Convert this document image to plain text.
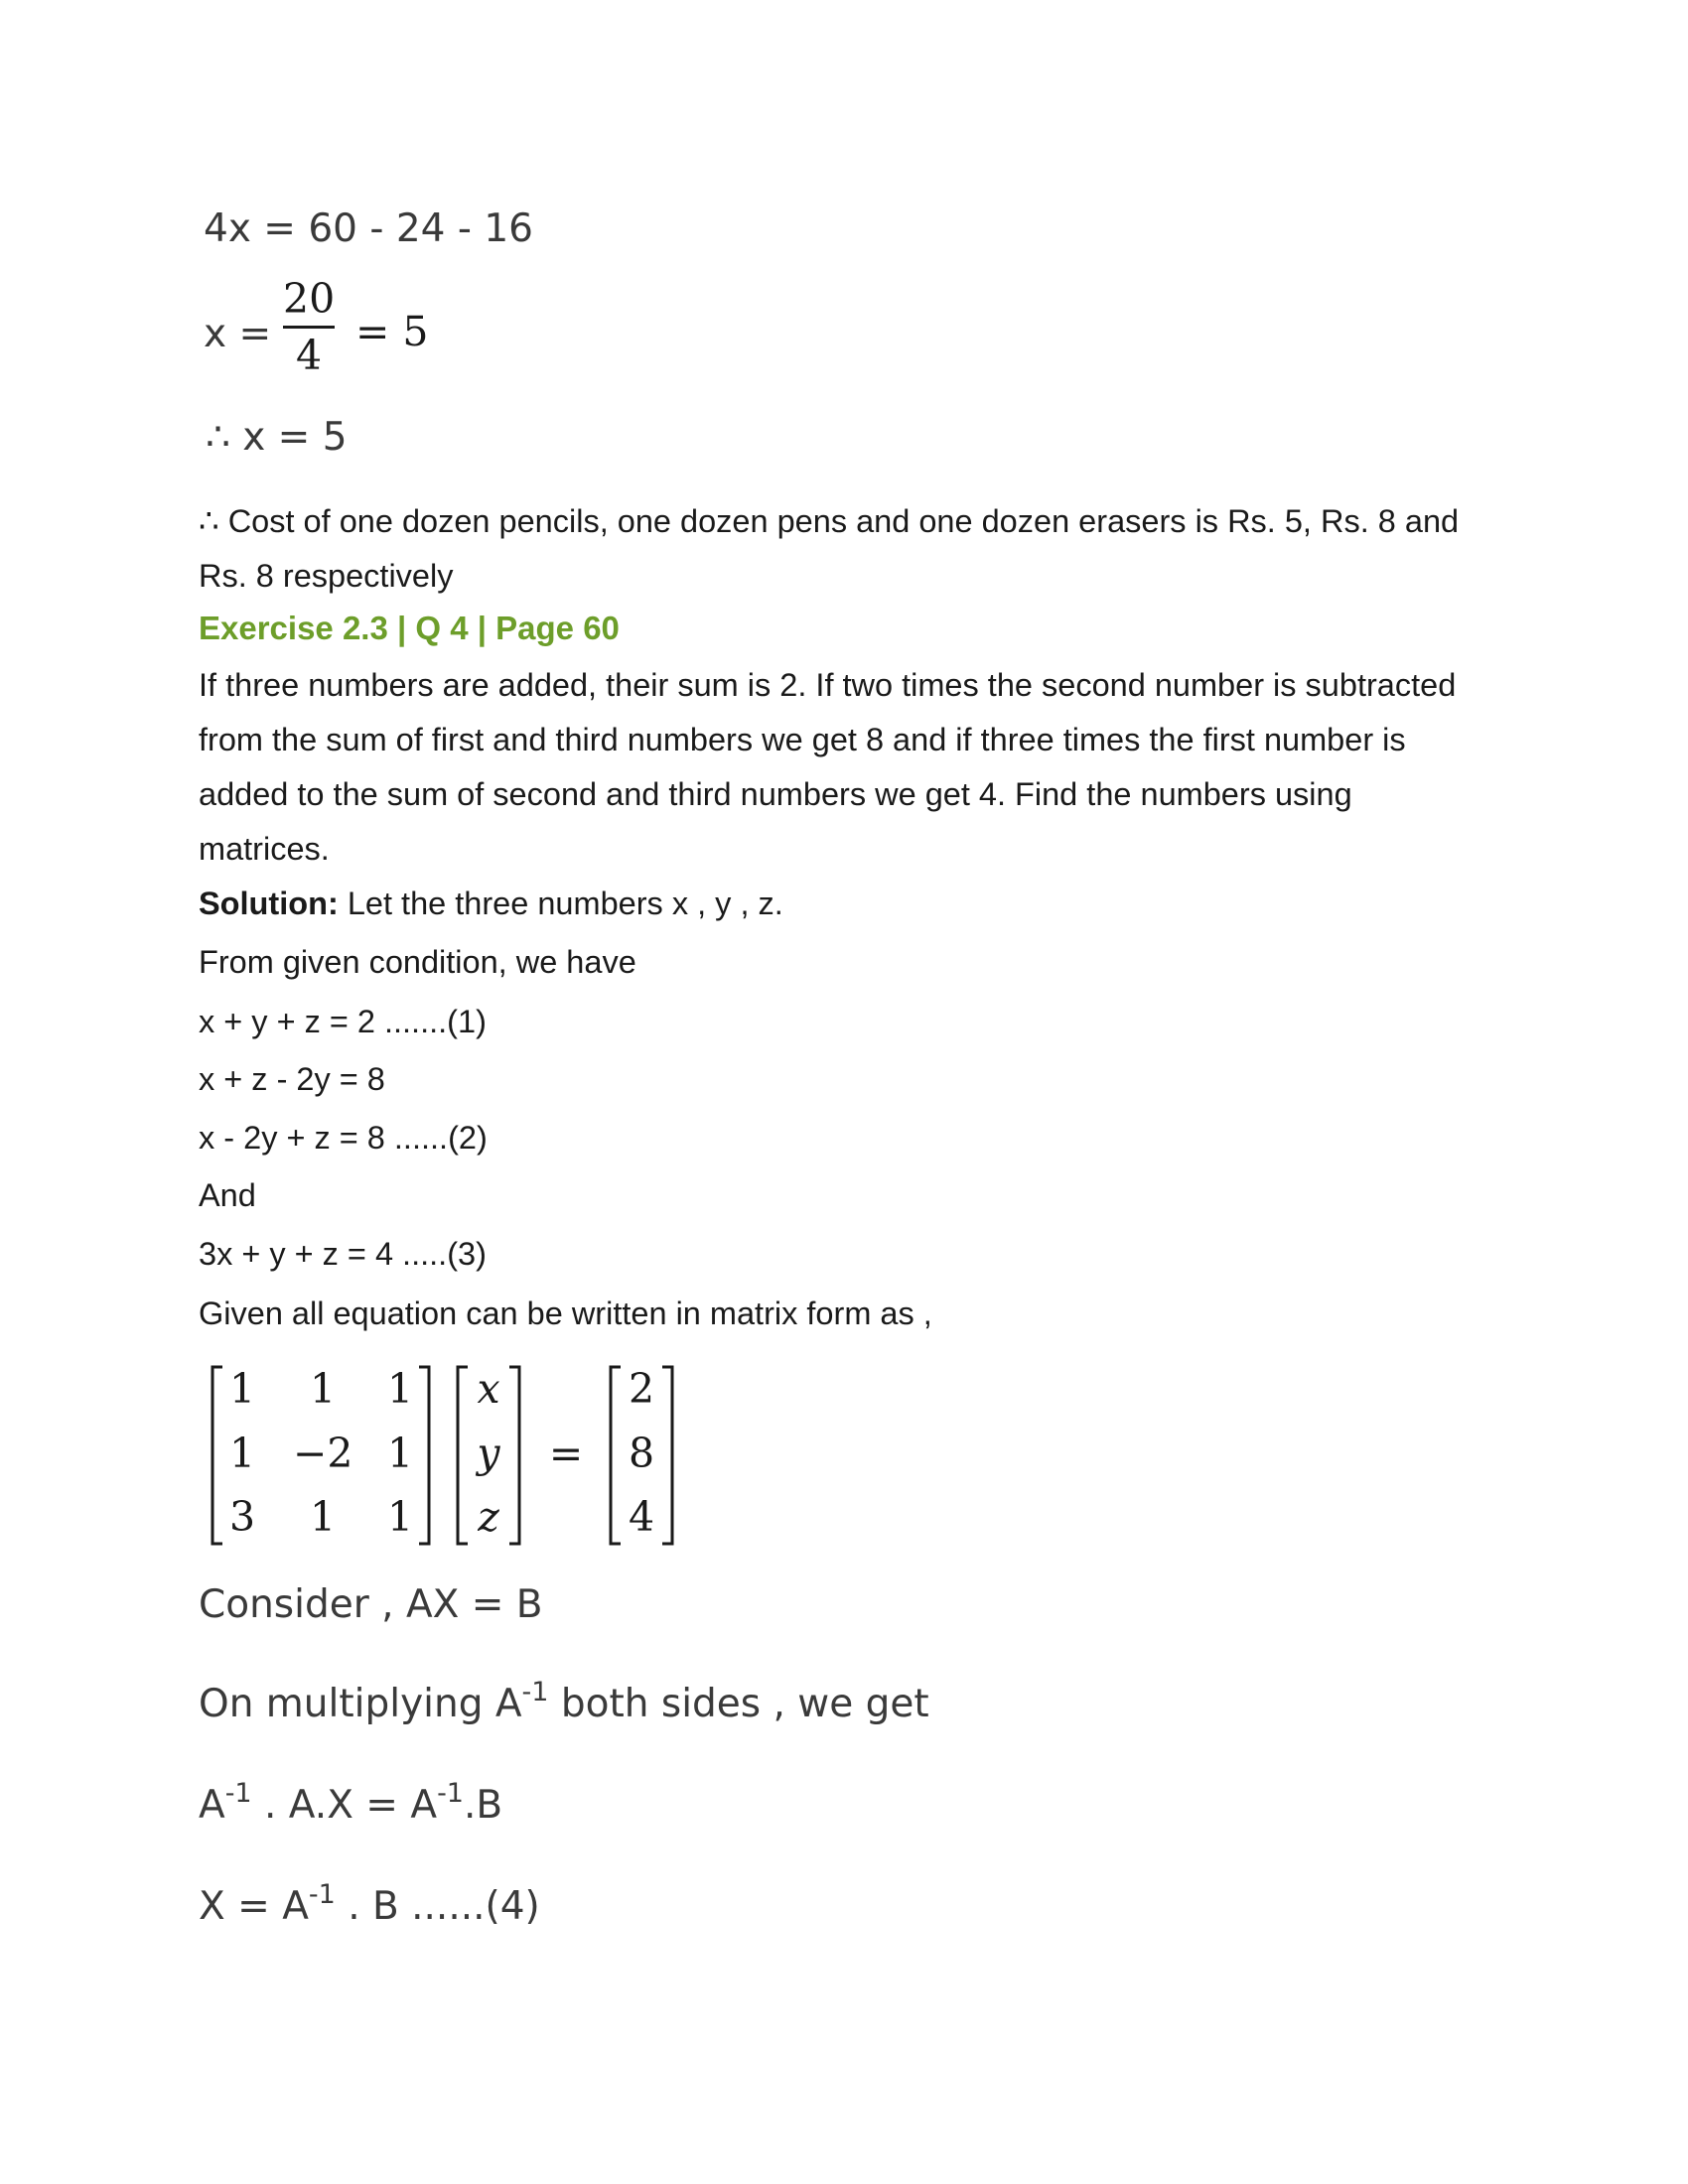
4x = 60 - 24 - 16
x =
20
4 = 5
∴ x = 5
∴ Cost of one dozen pencils, one dozen pens and one dozen erasers is Rs. 5, Rs. 8 and
Rs. 8 respectively
Exercise 2.3 | Q 4 | Page 60
If three numbers are added, their sum is 2. If two times the second number is subtracted
from the sum of first and third numbers we get 8 and if three times the first number is
added to the sum of second and third numbers we get 4. Find the numbers using
matrices.
Solution: Let the three numbers x , y , z.
From given condition, we have
x + y + z = 2 .......(1)
x + z - 2y = 8
x - 2y + z = 8 ......(2)
And
3x + y + z = 4 .....(3)
Given all equation can be written in matrix form as ,
1	1	1
1 −2 1
3	1	1
x
y
z
=
2
8
4
Consider , AX = B
On multiplying $A^{-1}$ both sides , we get
$A^{-1}$ . $A.X = A^{-1}.B$
$X = A^{-1}$ . B ......(4)
